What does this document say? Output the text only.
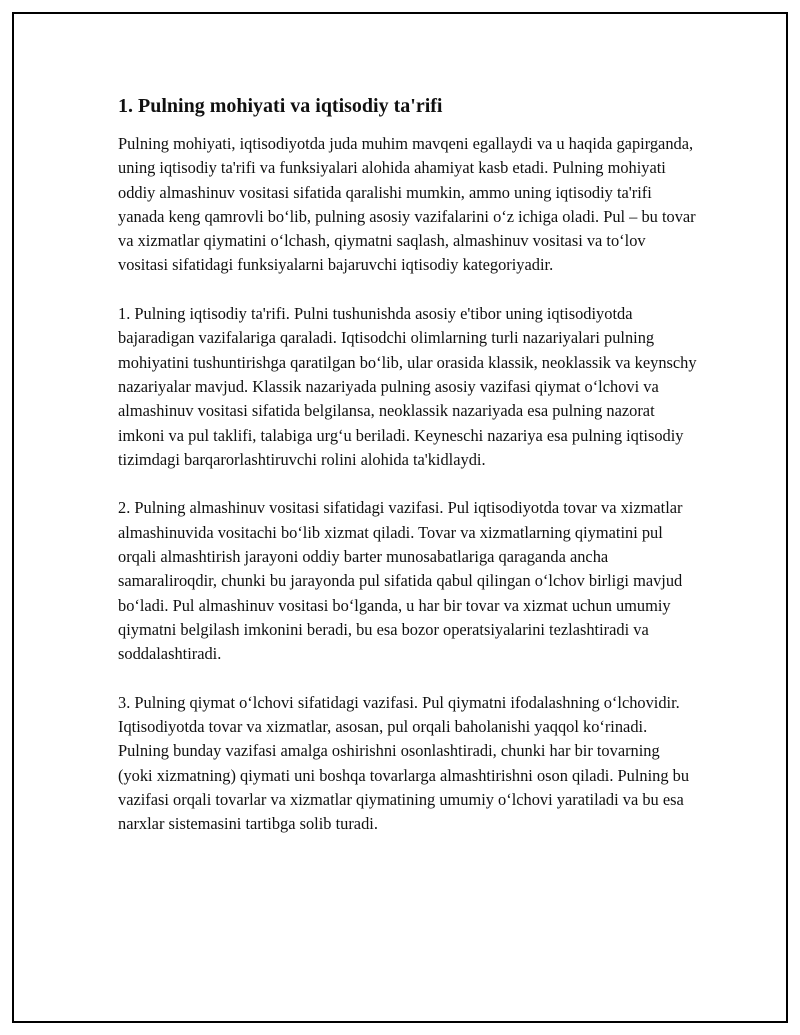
1. Pulning mohiyati va iqtisodiy ta'rifi

Pulning mohiyati, iqtisodiyotda juda muhim mavqeni egallaydi va u haqida gapirganda, uning iqtisodiy ta'rifi va funksiyalari alohida ahamiyat kasb etadi. Pulning mohiyati oddiy almashinuv vositasi sifatida qaralishi mumkin, ammo uning iqtisodiy ta'rifi yanada keng qamrovli bo‘lib, pulning asosiy vazifalarini o‘z ichiga oladi. Pul – bu tovar va xizmatlar qiymatini o‘lchash, qiymatni saqlash, almashinuv vositasi va to‘lov vositasi sifatidagi funksiyalarni bajaruvchi iqtisodiy kategoriyadir.

1. Pulning iqtisodiy ta'rifi. Pulni tushunishda asosiy e'tibor uning iqtisodiyotda bajaradigan vazifalariga qaraladi. Iqtisodchi olimlarning turli nazariyalari pulning mohiyatini tushuntirishga qaratilgan bo‘lib, ular orasida klassik, neoklassik va keynschy nazariyalar mavjud. Klassik nazariyada pulning asosiy vazifasi qiymat o‘lchovi va almashinuv vositasi sifatida belgilansa, neoklassik nazariyada esa pulning nazorat imkoni va pul taklifi, talabiga urg‘u beriladi. Keyneschi nazariya esa pulning iqtisodiy tizimdagi barqarorlashtiruvchi rolini alohida ta'kidlaydi.

2. Pulning almashinuv vositasi sifatidagi vazifasi. Pul iqtisodiyotda tovar va xizmatlar almashinuvida vositachi bo‘lib xizmat qiladi. Tovar va xizmatlarning qiymatini pul orqali almashtirish jarayoni oddiy barter munosabatlariga qaraganda ancha samaraliroqdir, chunki bu jarayonda pul sifatida qabul qilingan o‘lchov birligi mavjud bo‘ladi. Pul almashinuv vositasi bo‘lganda, u har bir tovar va xizmat uchun umumiy qiymatni belgilash imkonini beradi, bu esa bozor operatsiyalarini tezlashtiradi va soddalashtiradi.

3. Pulning qiymat o‘lchovi sifatidagi vazifasi. Pul qiymatni ifodalashning o‘lchovidir. Iqtisodiyotda tovar va xizmatlar, asosan, pul orqali baholanishi yaqqol ko‘rinadi. Pulning bunday vazifasi amalga oshirishni osonlashtiradi, chunki har bir tovarning (yoki xizmatning) qiymati uni boshqa tovarlarga almashtirishni oson qiladi. Pulning bu vazifasi orqali tovarlar va xizmatlar qiymatining umumiy o‘lchovi yaratiladi va bu esa narxlar sistemasini tartibga solib turadi.
